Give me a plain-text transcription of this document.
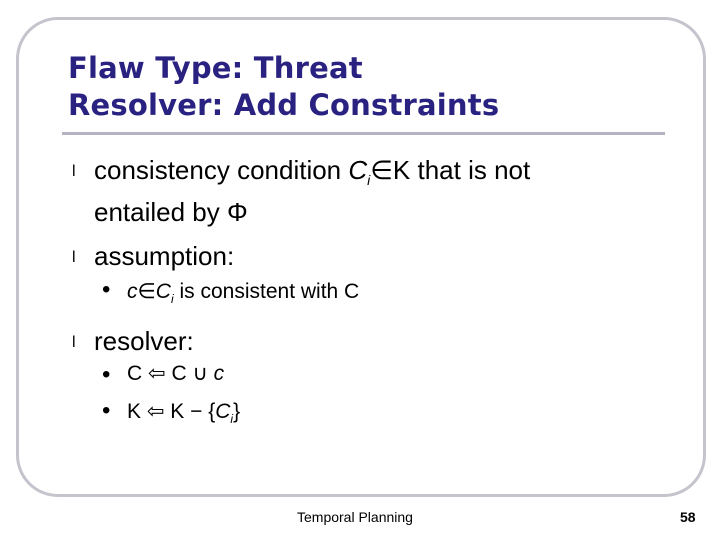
Flaw Type: Threat
Resolver: Add Constraints
l consistency condition $C_i\in K$ that is not
entailed by Φ
l assumption:
• $c\in C_i$ is consistent with C
l resolver:
• C ⇦ C ∪ c
• K ⇦ $K - \{C_i\}$
Temporal Planning	58
